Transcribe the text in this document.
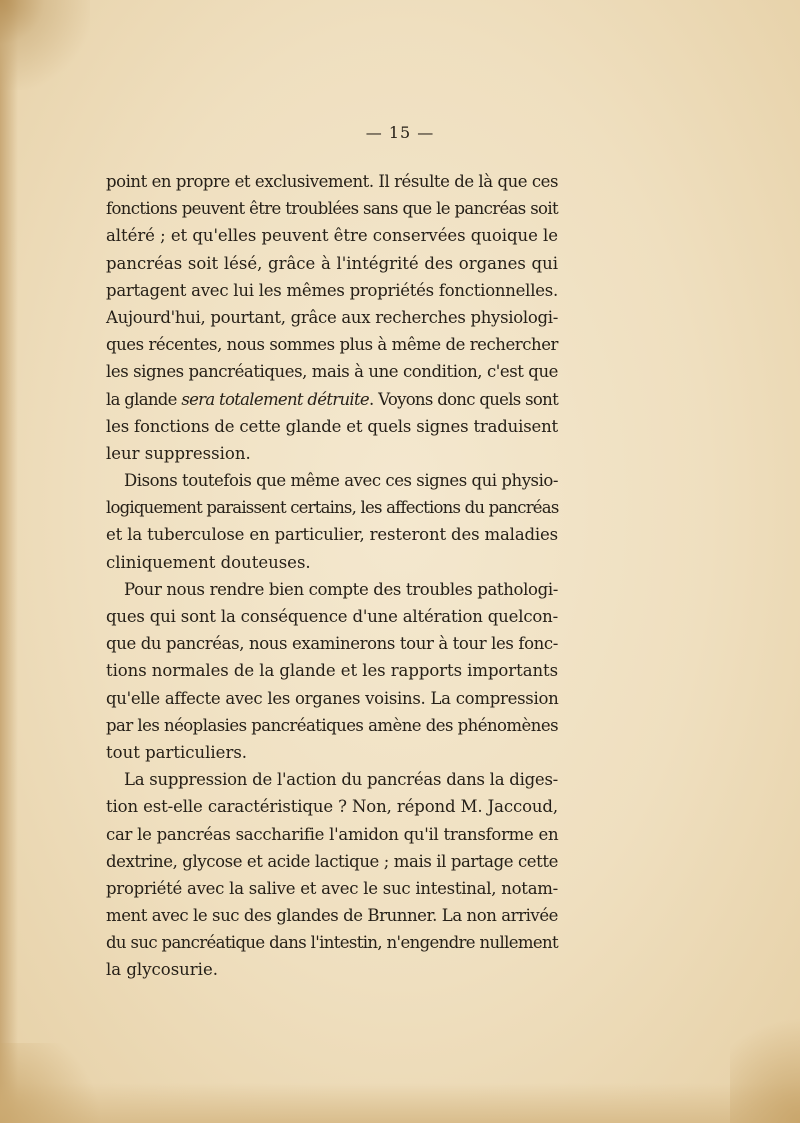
— 15 —
point en propre et exclusivement. Il résulte de là que ces
fonctions peuvent être troublées sans que le pancréas soit
altéré ; et qu'elles peuvent être conservées quoique le
pancréas soit lésé, grâce à l'intégrité des organes qui
partagent avec lui les mêmes propriétés fonctionnelles.
Aujourd'hui, pourtant, grâce aux recherches physiologi-
ques récentes, nous sommes plus à même de rechercher
les signes pancréatiques, mais à une condition, c'est que
la glande sera totalement détruite. Voyons donc quels sont
les fonctions de cette glande et quels signes traduisent
leur suppression.
Disons toutefois que même avec ces signes qui physio-
logiquement paraissent certains, les affections du pancréas
et la tuberculose en particulier, resteront des maladies
cliniquement douteuses.
Pour nous rendre bien compte des troubles pathologi-
ques qui sont la conséquence d'une altération quelcon-
que du pancréas, nous examinerons tour à tour les fonc-
tions normales de la glande et les rapports importants
qu'elle affecte avec les organes voisins. La compression
par les néoplasies pancréatiques amène des phénomènes
tout particuliers.
La suppression de l'action du pancréas dans la diges-
tion est-elle caractéristique ? Non, répond M. Jaccoud,
car le pancréas saccharifie l'amidon qu'il transforme en
dextrine, glycose et acide lactique ; mais il partage cette
propriété avec la salive et avec le suc intestinal, notam-
ment avec le suc des glandes de Brunner. La non arrivée
du suc pancréatique dans l'intestin, n'engendre nullement
la glycosurie.
